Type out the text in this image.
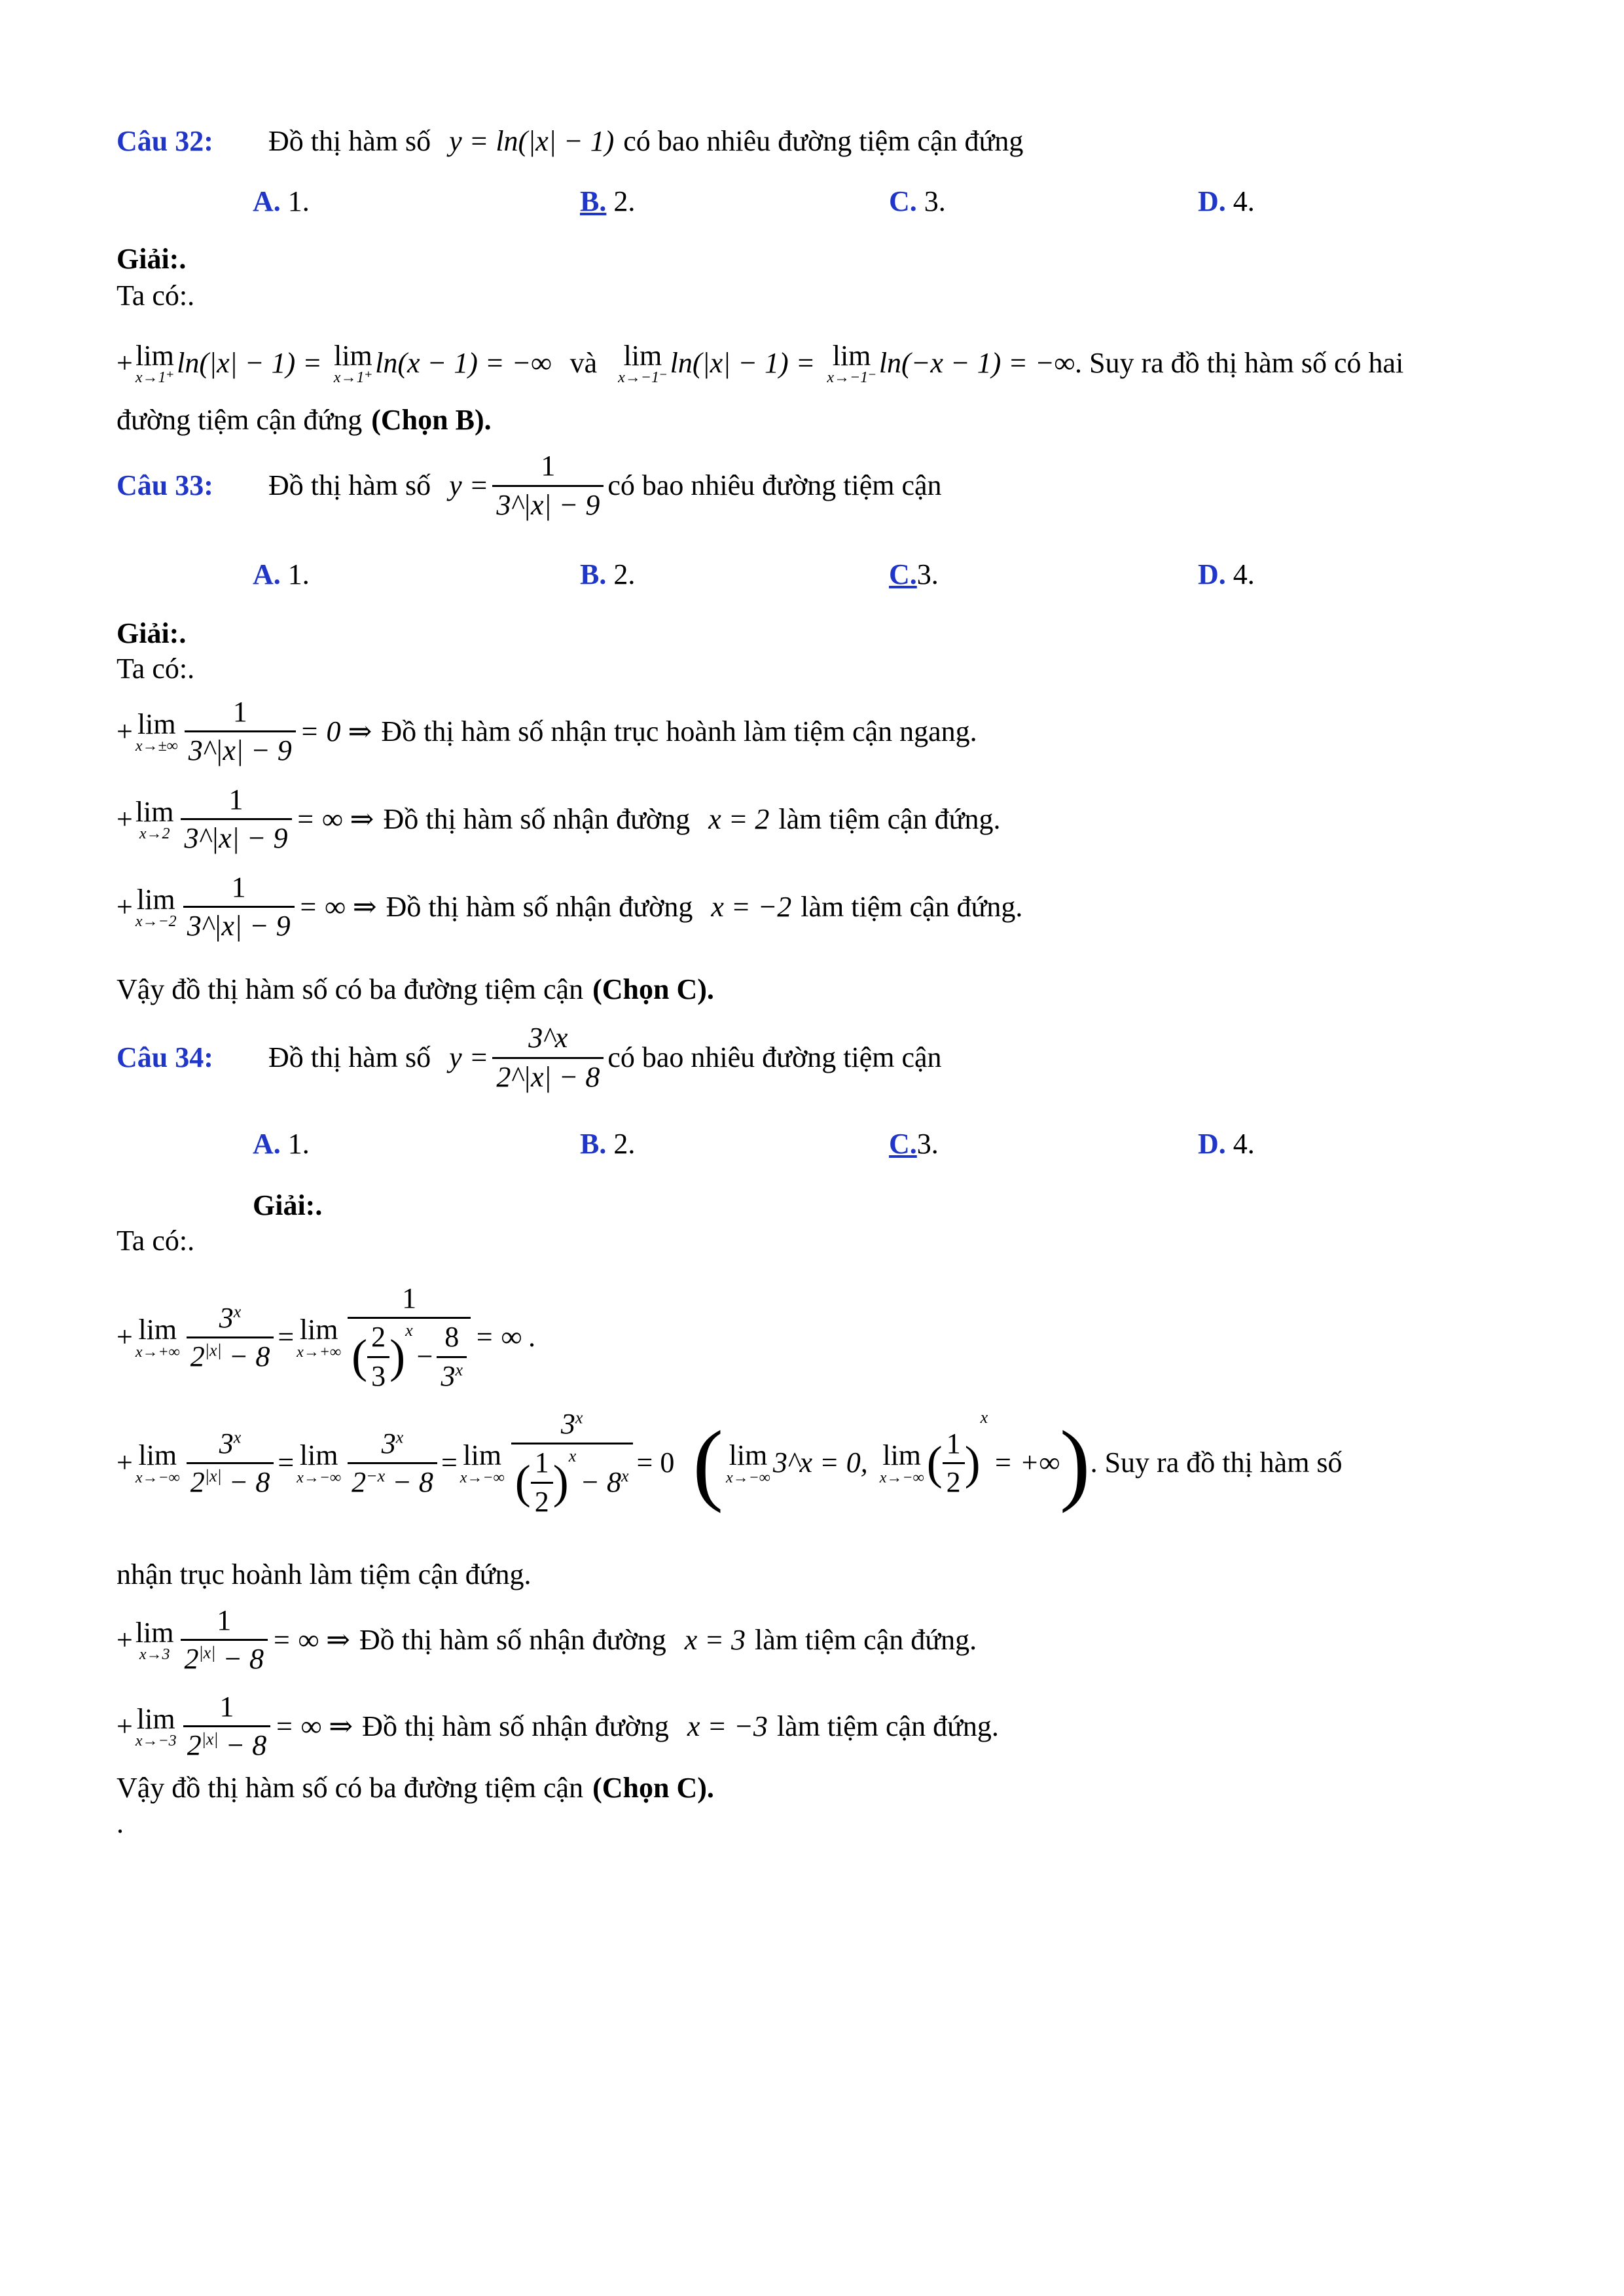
Câu 32: Đồ thị hàm số y = ln(|x| − 1) có bao nhiêu đường tiệm cận đứng
A. 1.	B. 2.	C. 3.	D. 4.
Giải:.
Ta có:.
+ lim
x→1⁺ ln(|x| − 1) = lim
x→1⁺ ln(x − 1) = −∞ và lim
x→−1⁻ ln(|x| − 1) = lim
x→−1⁻ ln(−x − 1) = −∞ . Suy ra đồ thị hàm số có hai
đường tiệm cận đứng (Chọn B).
Câu 33: Đồ thị hàm số $y = \frac{1}{3\^{}|x| - 9}$ có bao nhiêu đường tiệm cận
A. 1.	B. 2.	C.3.	D. 4.
Giải:.
Ta có:.
+ lim
$x\to\pm\infty \frac{1}{3\^{}|x| - 9} = 0$ ⇒ Đồ thị hàm số nhận trục hoành làm tiệm cận ngang.
+ lim
$x\to 2 \frac{1}{3\^{}|x| - 9}$ = ∞ ⇒ Đồ thị hàm số nhận đường x = 2 làm tiệm cận đứng.
+ lim
$x\to-2 \frac{1}{3\^{}|x| - 9}$ = ∞ ⇒ Đồ thị hàm số nhận đường x = −2 làm tiệm cận đứng.
Vậy đồ thị hàm số có ba đường tiệm cận (Chọn C).
Câu 34: Đồ thị hàm số $y = \frac{3\^{}x}{2\^{}|x| - 8}$ có bao nhiêu đường tiệm cận
A. 1.	B. 2.	C.3.	D. 4.
Giải:.
Ta có:.
+ lim
$x\to+\infty \frac{3^x}{2^{|x|} - 8} = \lim$
x→+∞ 1
( $\frac{2}{3} )^x$
− $\frac{8}{3^x}$ = ∞ .
+ lim
$x\to-\infty \frac{3^x}{2^{|x|} - 8} = \lim$
$x\to-\infty \frac{3^x}{2^{-x} - 8} = \lim$
x→−∞ 3$^x$
( $\frac{1}{2} )^x$
− $8^x = 0$ ( lim
x→−∞ 3^x = 0, lim
x→−∞ ( $\frac{1}{2}$ )
x
= +∞ ) . Suy ra đồ thị hàm số
nhận trục hoành làm tiệm cận đứng.
+ lim
$x\to 3 \frac{1}{2^{|x|} - 8}$ = ∞ ⇒ Đồ thị hàm số nhận đường x = 3 làm tiệm cận đứng.
+ lim
$x\to-3 \frac{1}{2^{|x|} - 8}$ = ∞ ⇒ Đồ thị hàm số nhận đường x = −3 làm tiệm cận đứng.
Vậy đồ thị hàm số có ba đường tiệm cận (Chọn C).
.
